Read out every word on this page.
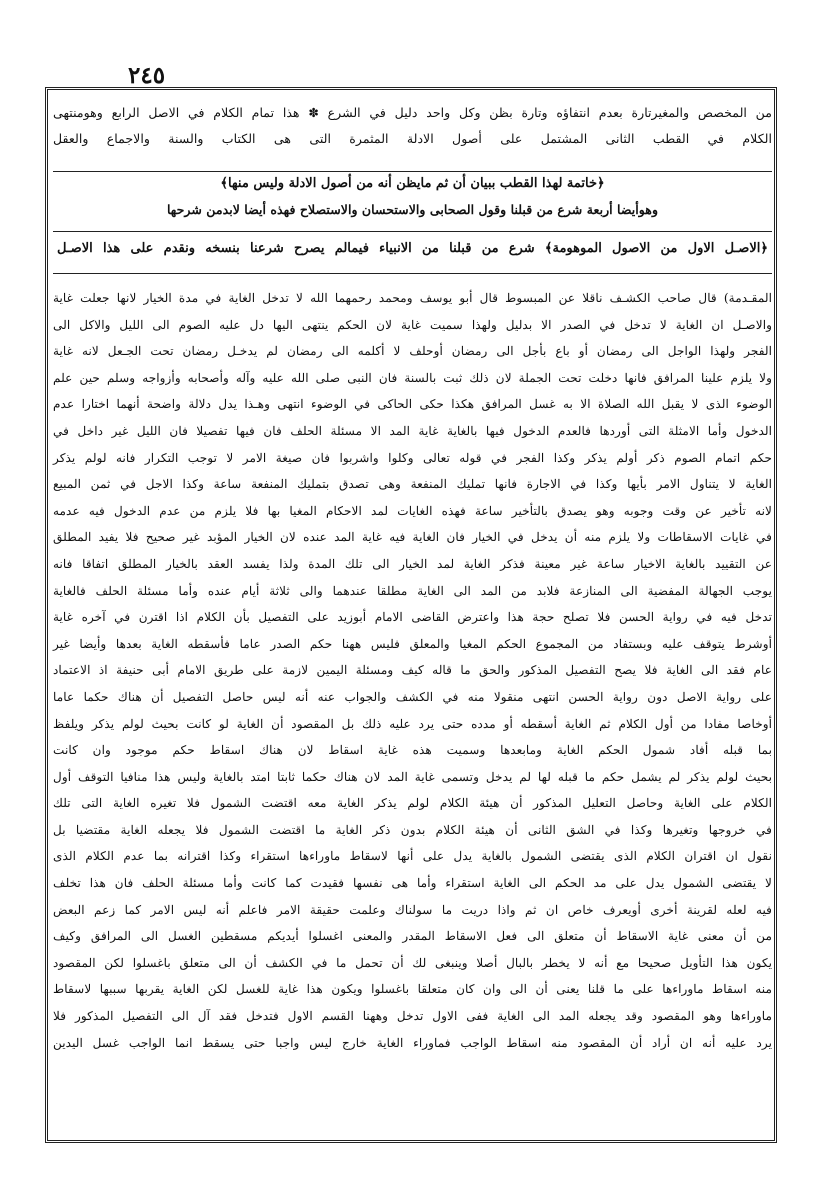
٢٤٥

من المخصص والمغيرتارة بعدم انتفاؤه وتارة بظن وكل واحد دليل في الشرع ✽ هذا تمام الكلام في الاصل الرابع وهومنتهى

الكلام في القطب الثانى المشتمل على أصول الادلة المثمرة التى هى الكتاب والسنة والاجماع والعقل

﴿خاتمة لهذا القطب ببيان أن ثم مايظن أنه من أصول الادلة وليس منها﴾
وهوأيضا أربعة شرع من قبلنا وقول الصحابى والاستحسان والاستصلاح فهذه أيضا لابدمن شرحها
﴿الاصـل الاول من الاصول الموهومة﴾ شرع من قبلنا من الانبياء فيمالم يصرح شرعنا بنسخه ونقدم على هذا الاصـل

المقـدمة) قال صاحب الكشـف ناقلا عن المبسوط قال أبو يوسف ومحمد رحمهما الله لا تدخل الغاية في مدة الخيار لانها جعلت غاية

والاصـل ان الغاية لا تدخل في الصدر الا بدليل ولهذا سميت غاية لان الحكم ينتهى اليها دل عليه الصوم الى الليل والاكل الى

الفجر ولهذا الواجل الى رمضان أو باع بأجل الى رمضان أوحلف لا أكلمه الى رمضان لم يدخـل رمضان تحت الجـعل لانه غاية

ولا يلزم علينا المرافق فانها دخلت تحت الجملة لان ذلك ثبت بالسنة فان النبى صلى الله عليه وآله وأصحابه وأزواجه وسلم حين علم

الوضوء الذى لا يقبل الله الصلاة الا به غسل المرافق هكذا حكى الحاكى في الوضوء انتهى وهـذا يدل دلالة واضحة أنهما اختارا عدم

الدخول وأما الامثلة التى أوردها فالعدم الدخول فيها بالغاية غاية المد الا مسئلة الحلف فان فيها تفصيلا فان الليل غير داخل في

حكم اتمام الصوم ذكر أولم يذكر وكذا الفجر في قوله تعالى وكلوا واشربوا فان صيغة الامر لا توجب التكرار فانه لولم يذكر

الغاية لا يتناول الامر بأيها وكذا في الاجارة فانها تمليك المنفعة وهى تصدق بتمليك المنفعة ساعة وكذا الاجل في ثمن المبيع

لانه تأخير عن وقت وجوبه وهو يصدق بالتأخير ساعة فهذه الغايات لمد الاحكام المغيا بها فلا يلزم من عدم الدخول فيه عدمه

في غايات الاسقاطات ولا يلزم منه أن يدخل في الخيار فان الغاية فيه غاية المد عنده لان الخيار المؤبد غير صحيح فلا يفيد المطلق

عن التقييد بالغاية الاخيار ساعة غير معينة فذكر الغاية لمد الخيار الى تلك المدة ولذا يفسد العقد بالخيار المطلق اتفاقا فانه

يوجب الجهالة المفضية الى المنازعة فلابد من المد الى الغاية مطلقا عندهما والى ثلاثة أيام عنده وأما مسئلة الحلف فالغاية

تدخل فيه في رواية الحسن فلا تصلح حجة هذا واعترض القاضى الامام أبوزيد على التفصيل بأن الكلام اذا اقترن في آخره غاية

أوشرط يتوقف عليه وبستفاد من المجموع الحكم المغيا والمعلق فليس ههنا حكم الصدر عاما فأسقطه الغاية بعدها وأيضا غير

عام فقد الى الغاية فلا يصح التفصيل المذكور والحق ما قاله كيف ومسئلة اليمين لازمة على طريق الامام أبى حنيفة اذ الاعتماد

على رواية الاصل دون رواية الحسن انتهى منقولا منه في الكشف والجواب عنه أنه ليس حاصل التفصيل أن هناك حكما عاما

أوخاصا مفادا من أول الكلام ثم الغاية أسقطه أو مدده حتى يرد عليه ذلك بل المقصود أن الغاية لو كانت بحيث لولم يذكر ويلفظ

بما قبله أفاد شمول الحكم الغاية ومابعدها وسميت هذه غاية اسقاط لان هناك اسقاط حكم موجود وان كانت

بحيث لولم يذكر لم يشمل حكم ما قبله لها لم يدخل وتسمى غاية المد لان هناك حكما ثابتا امتد بالغاية وليس هذا منافيا التوقف أول

الكلام على الغاية وحاصل التعليل المذكور أن هيئة الكلام لولم يذكر الغاية معه اقتضت الشمول فلا تغيره الغاية التى تلك

في خروجها وتغيرها وكذا في الشق الثانى أن هيئة الكلام بدون ذكر الغاية ما اقتضت الشمول فلا يجعله الغاية مقتضيا بل

نقول ان اقتران الكلام الذى يقتضى الشمول بالغاية يدل على أنها لاسقاط ماوراءها استقراء وكذا اقترانه بما عدم الكلام الذى

لا يقتضى الشمول يدل على مد الحكم الى الغاية استقراء وأما هى نفسها فقيدت كما كانت وأما مسئلة الحلف فان هذا تخلف

فيه لعله لقرينة أخرى أويعرف خاص ان ثم واذا دريت ما سولناك وعلمت حقيقة الامر فاعلم أنه ليس الامر كما زعم البعض

من أن معنى غاية الاسقاط أن متعلق الى فعل الاسقاط المقدر والمعنى اغسلوا أيديكم مسقطين الغسل الى المرافق وكيف

يكون هذا التأويل صحيحا مع أنه لا يخطر بالبال أصلا وينبغى لك أن تحمل ما في الكشف أن الى متعلق باغسلوا لكن المقصود

منه اسقاط ماوراءها على ما قلنا يعنى أن الى وان كان متعلقا باغسلوا ويكون هذا غاية للغسل لكن الغاية يقربها سببها لاسقاط

ماوراءها وهو المقصود وقد يجعله المد الى الغاية ففى الاول تدخل وههنا القسم الاول فتدخل فقد آل الى التفصيل المذكور فلا

يرد عليه أنه ان أراد أن المقصود منه اسقاط الواجب فماوراء الغاية خارج ليس واجبا حتى يسقط انما الواجب غسل اليدين
